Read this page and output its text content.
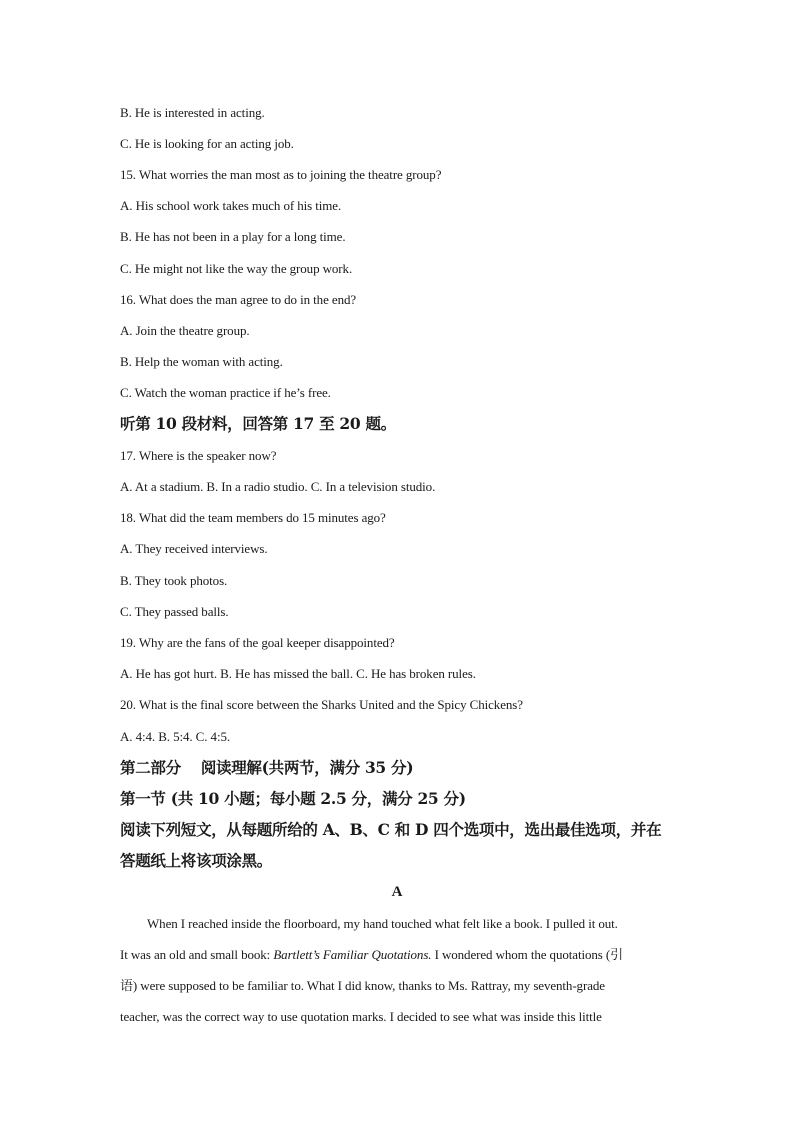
B. He is interested in acting.
C. He is looking for an acting job.
15. What worries the man most as to joining the theatre group?
A. His school work takes much of his time.
B. He has not been in a play for a long time.
C. He might not like the way the group work.
16. What does the man agree to do in the end?
A. Join the theatre group.
B. Help the woman with acting.
C. Watch the woman practice if he’s free.
听第 10 段材料，回答第 17 至 20 题。
17. Where is the speaker now?
A. At a stadium. B. In a radio studio. C. In a television studio.
18. What did the team members do 15 minutes ago?
A. They received interviews.
B. They took photos.
C. They passed balls.
19. Why are the fans of the goal keeper disappointed?
A. He has got hurt. B. He has missed the ball. C. He has broken rules.
20. What is the final score between the Sharks United and the Spicy Chickens?
A. 4:4. B. 5:4. C. 4:5.
第二部分 阅读理解(共两节，满分 35 分)
第一节 (共 10 小题；每小题 2.5 分，满分 25 分)
阅读下列短文，从每题所给的 A、B、C 和 D 四个选项中，选出最佳选项，并在
答题纸上将该项涂黑。
A
When I reached inside the floorboard, my hand touched what felt like a book. I pulled it out.
It was an old and small book: Bartlett’s Familiar Quotations. I wondered whom the quotations (引
语) were supposed to be familiar to. What I did know, thanks to Ms. Rattray, my seventh-grade
teacher, was the correct way to use quotation marks. I decided to see what was inside this little
